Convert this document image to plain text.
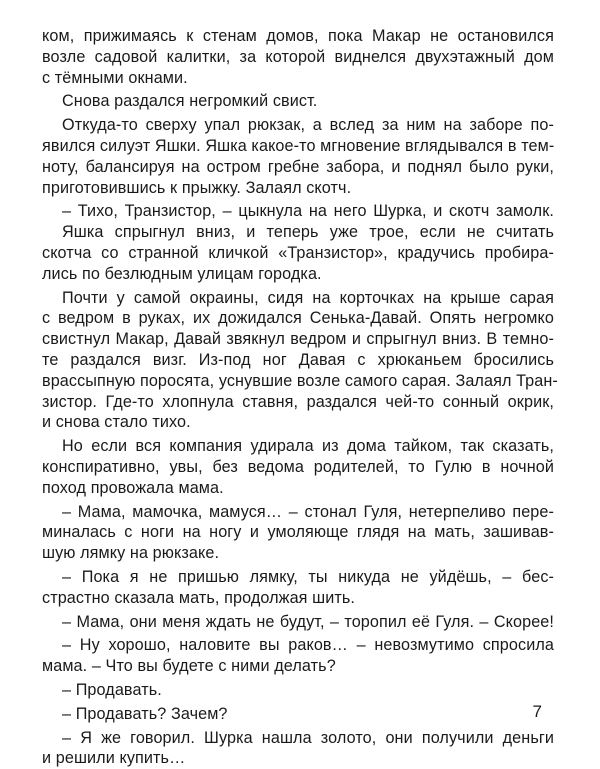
ком, прижимаясь к стенам домов, пока Макар не остановился
возле садовой калитки, за которой виднелся двухэтажный дом
с тёмными окнами.
Снова раздался негромкий свист.
Откуда-то сверху упал рюкзак, а вслед за ним на заборе по-
явился силуэт Яшки. Яшка какое-то мгновение вглядывался в тем-
ноту, балансируя на остром гребне забора, и поднял было руки,
приготовившись к прыжку. Залаял скотч.
– Тихо, Транзистор, – цыкнула на него Шурка, и скотч замолк.
Яшка спрыгнул вниз, и теперь уже трое, если не считать
скотча со странной кличкой «Транзистор», крадучись пробира-
лись по безлюдным улицам городка.
Почти у самой окраины, сидя на корточках на крыше сарая
с ведром в руках, их дожидался Сенька-Давай. Опять негромко
свистнул Макар, Давай звякнул ведром и спрыгнул вниз. В темно-
те раздался визг. Из-под ног Давая с хрюканьем бросились
врассыпную поросята, уснувшие возле самого сарая. Залаял Тран-
зистор. Где-то хлопнула ставня, раздался чей-то сонный окрик,
и снова стало тихо.
Но если вся компания удирала из дома тайком, так сказать,
конспиративно, увы, без ведома родителей, то Гулю в ночной
поход провожала мама.
– Мама, мамочка, мамуся… – стонал Гуля, нетерпеливо пере-
миналась с ноги на ногу и умоляюще глядя на мать, зашивав-
шую лямку на рюкзаке.
– Пока я не пришью лямку, ты никуда не уйдёшь, – бес-
страстно сказала мать, продолжая шить.
– Мама, они меня ждать не будут, – торопил её Гуля. – Скорее!
– Ну хорошо, наловите вы раков… – невозмутимо спросила
мама. – Что вы будете с ними делать?
– Продавать.
– Продавать? Зачем?
– Я же говорил. Шурка нашла золото, они получили деньги
и решили купить…
7
